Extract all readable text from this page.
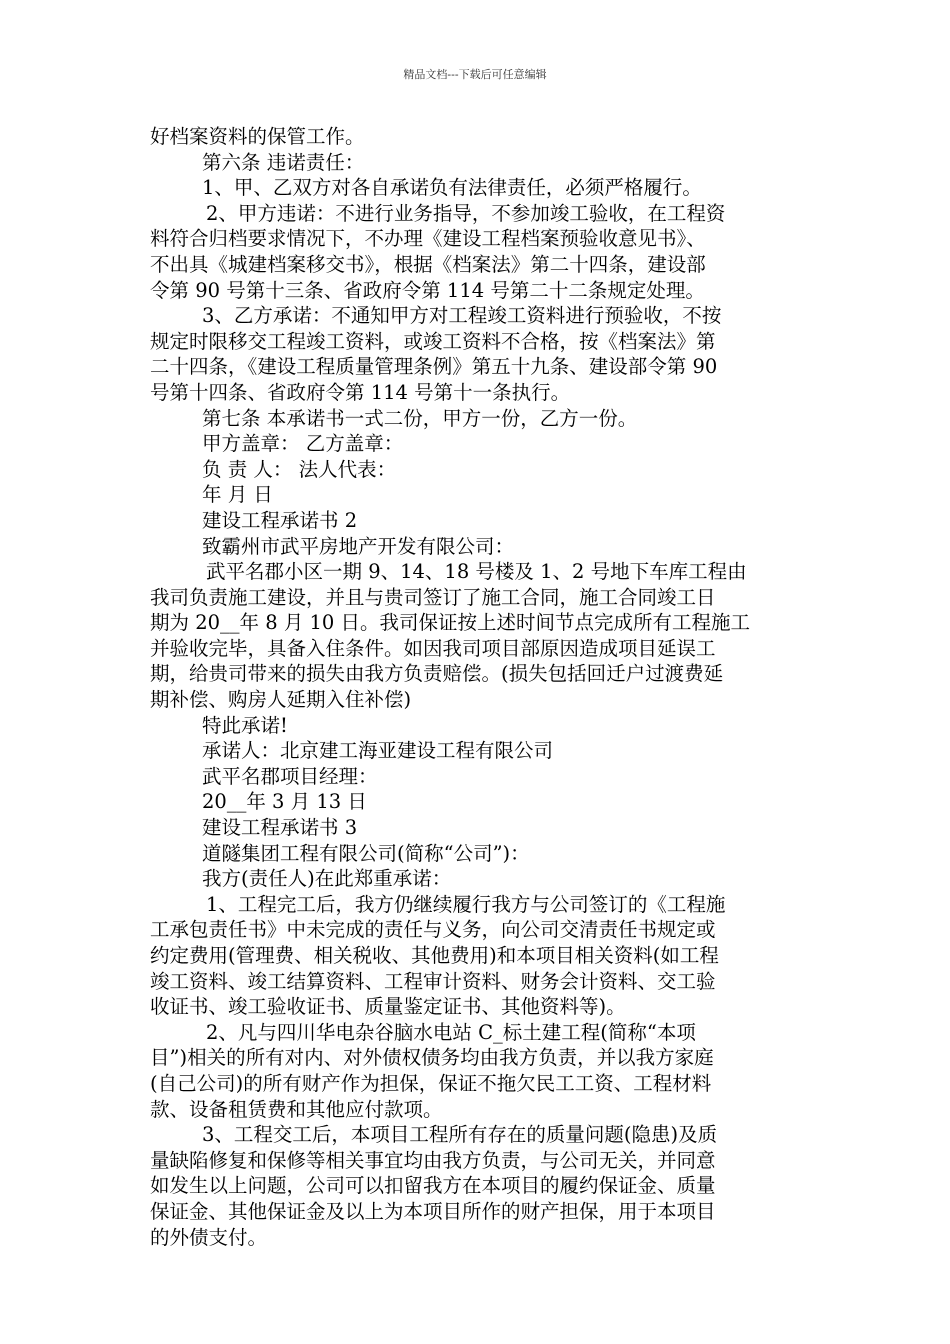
精品文档---下载后可任意编辑

好档案资料的保管工作。

第六条 违诺责任：

1、甲、乙双方对各自承诺负有法律责任，必须严格履行。

2、甲方违诺：不进行业务指导，不参加竣工验收，在工程资

料符合归档要求情况下，不办理《建设工程档案预验收意见书》、

不出具《城建档案移交书》，根据《档案法》第二十四条，建设部

令第 90 号第十三条、省政府令第 114 号第二十二条规定处理。

3、乙方承诺：不通知甲方对工程竣工资料进行预验收，不按

规定时限移交工程竣工资料，或竣工资料不合格，按《档案法》第

二十四条，《建设工程质量管理条例》第五十九条、建设部令第 90

号第十四条、省政府令第 114 号第十一条执行。

第七条 本承诺书一式二份，甲方一份，乙方一份。

甲方盖章： 乙方盖章：

负 责 人： 法人代表：

年 月 日

建设工程承诺书 2

致霸州市武平房地产开发有限公司：

武平名郡小区一期 9、14、18 号楼及 1、2 号地下车库工程由

我司负责施工建设，并且与贵司签订了施工合同，施工合同竣工日

期为 20__年 8 月 10 日。我司保证按上述时间节点完成所有工程施工

并验收完毕，具备入住条件。如因我司项目部原因造成项目延误工

期，给贵司带来的损失由我方负责赔偿。(损失包括回迁户过渡费延

期补偿、购房人延期入住补偿)

特此承诺!

承诺人：北京建工海亚建设工程有限公司

武平名郡项目经理：

20__年 3 月 13 日

建设工程承诺书 3

道隧集团工程有限公司(简称“公司”)：

我方(责任人)在此郑重承诺：

1、工程完工后，我方仍继续履行我方与公司签订的《工程施

工承包责任书》中未完成的责任与义务，向公司交清责任书规定或

约定费用(管理费、相关税收、其他费用)和本项目相关资料(如工程

竣工资料、竣工结算资料、工程审计资料、财务会计资料、交工验

收证书、竣工验收证书、质量鉴定证书、其他资料等)。

2、凡与四川华电杂谷脑水电站 C_标土建工程(简称“本项

目”)相关的所有对内、对外债权债务均由我方负责，并以我方家庭

(自己公司)的所有财产作为担保，保证不拖欠民工工资、工程材料

款、设备租赁费和其他应付款项。

3、工程交工后，本项目工程所有存在的质量问题(隐患)及质

量缺陷修复和保修等相关事宜均由我方负责，与公司无关，并同意

如发生以上问题，公司可以扣留我方在本项目的履约保证金、质量

保证金、其他保证金及以上为本项目所作的财产担保，用于本项目

的外债支付。
